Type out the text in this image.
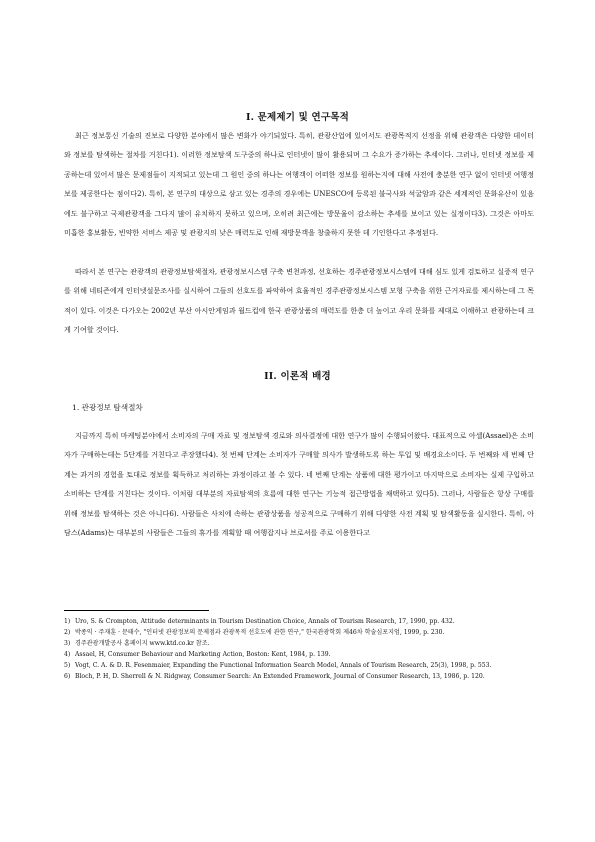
I. 문제제기 및 연구목적

최근 정보통신 기술의 진보로 다양한 분야에서 많은 변화가 야기되었다. 특히, 관광산업에 있어서도 관광목적지 선정을 위해 관광객은 다양한 데이터와 정보를 탐색하는 절차를 거친다1). 이러한 정보탐색 도구중의 하나로 인터넷이 많이 활용되며 그 수요가 증가하는 추세이다. 그러나, 인터넷 정보를 제공하는데 있어서 많은 문제점들이 지적되고 있는데 그 원인 중의 하나는 여행객이 어떠한 정보를 원하는지에 대해 사전에 충분한 연구 없이 인터넷 여행정보를 제공한다는 점이다2). 특히, 본 연구의 대상으로 삼고 있는 경주의 경우에는 UNESCO에 등록된 불국사와 석굴암과 같은 세계적인 문화유산이 있음에도 불구하고 국제관광객을 그다지 많이 유치하지 못하고 있으며, 오히려 최근에는 방문율이 감소하는 추세를 보이고 있는 실정이다3). 그것은 아마도 미흡한 홍보활동, 빈약한 서비스 제공 및 관광지의 낮은 매력도로 인해 재방문객을 창출하지 못한 데 기인한다고 추정된다.

따라서 본 연구는 관광객의 관광정보탐색절차, 관광정보시스템 구축 변천과정, 선호하는 경주관광정보시스템에 대해 심도 있게 검토하고 실증적 연구를 위해 네티즌에게 인터넷설문조사를 실시하여 그들의 선호도를 파악하여 효율적인 경주관광정보시스템 모형 구축을 위한 근거자료를 제시하는데 그 목적이 있다. 이것은 다가오는 2002년 부산 아시안게임과 월드컵에 한국 관광상품의 매력도를 한층 더 높이고 우리 문화를 제대로 이해하고 관광하는데 크게 기여할 것이다.

II. 이론적 배경
1. 관광정보 탐색절차

지금까지 특히 마케팅분야에서 소비자의 구매 자료 및 정보탐색 경로와 의사결정에 대한 연구가 많이 수행되어왔다. 대표적으로 아셀(Assael)은 소비자가 구매하는데는 5단계를 거친다고 주장했다4). 첫 번째 단계는 소비자가 구매할 의사가 발생하도록 하는 투입 및 배경요소이다. 두 번째와 세 번째 단계는 과거의 경험을 토대로 정보를 획득하고 처리하는 과정이라고 볼 수 있다. 네 번째 단계는 상품에 대한 평가이고 마지막으로 소비자는 실제 구입하고 소비하는 단계를 거친다는 것이다. 이처럼 대부분의 자료탐색의 흐름에 대한 연구는 기능적 접근방법을 채택하고 있다5). 그러나, 사람들은 항상 구매를 위해 정보를 탐색하는 것은 아니다6). 사람들은 사치에 속하는 관광상품을 성공적으로 구매하기 위해 다양한 사전 계획 및 탐색활동을 실시한다. 특히, 아담스(Adams)는 대부분의 사람들은 그들의 휴가를 계획할 때 여행잡지나 브로셔를 주로 이용한다고

1) Uro, S. & Crompton, Attitude determinants in Tourism Destination Choice, Annals of Tourism Research, 17, 1990, pp. 432.
2) 박종익 · 주재훈 · 문태수, "인터넷 관광정보의 문제점과 관광목적 선호도에 관한 연구," 한국관광학회 제46차 학술심포지엄, 1999, p. 230.
3) 경주관광개발공사 홈페이지 www.ktd.co.kr 참조.
4) Assael, H, Consumer Behaviour and Marketing Action, Boston: Kent, 1984, p. 139.
5) Vogt, C. A. & D. R. Fesenmaier, Expanding the Functional Information Search Model, Annals of Tourism Research, 25(3), 1998, p. 553.
6) Bloch, P. H, D. Sherrell & N. Ridgway, Consumer Search: An Extended Framework, Journal of Consumer Research, 13, 1986, p. 120.
